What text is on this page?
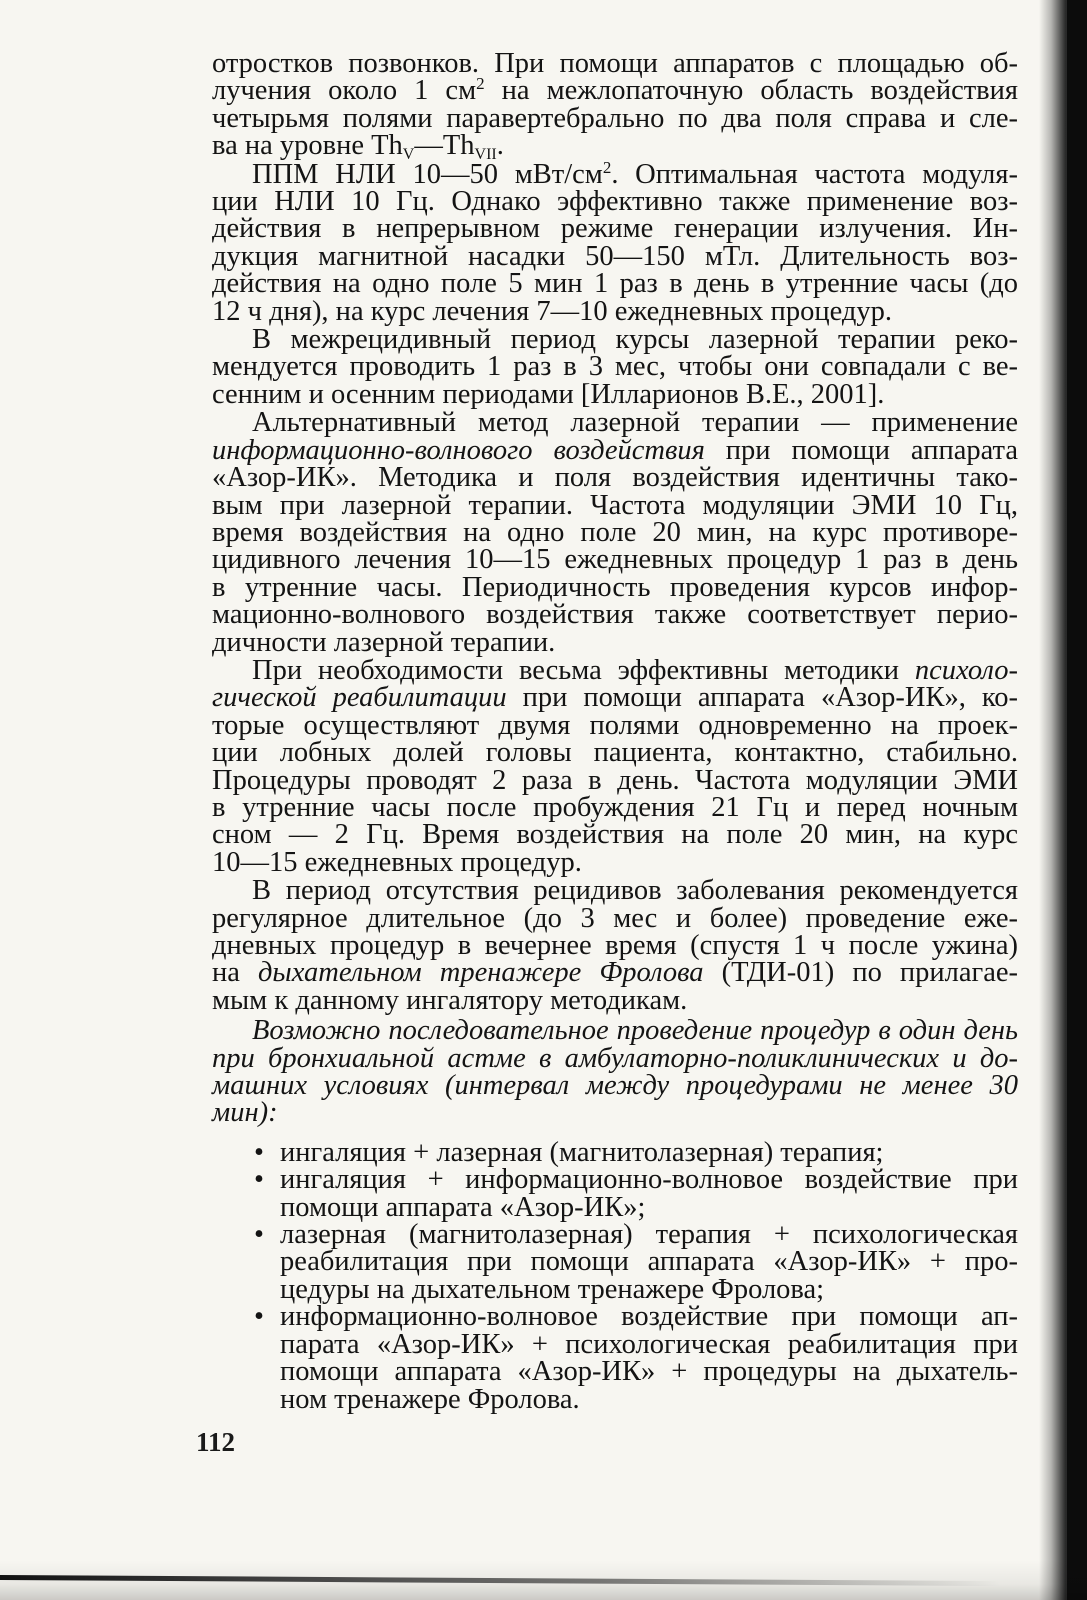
отростков позвонков. При помощи аппаратов с площадью об-
лучения около 1 $см^2$ на межлопаточную область воздействия
четырьмя полями паравертебрально по два поля справа и сле-
ва на уровне $Th_V—Th_{VII}$.

ППМ НЛИ 10—50 мВт/$см^2$. Оптимальная частота модуля-
ции НЛИ 10 Гц. Однако эффективно также применение воз-
действия в непрерывном режиме генерации излучения. Ин-
дукция магнитной насадки 50—150 мТл. Длительность воз-
действия на одно поле 5 мин 1 раз в день в утренние часы (до
12 ч дня), на курс лечения 7—10 ежедневных процедур.

В межрецидивный период курсы лазерной терапии реко-
мендуется проводить 1 раз в 3 мес, чтобы они совпадали с ве-
сенним и осенним периодами [Илларионов В.Е., 2001].

Альтернативный метод лазерной терапии — применение
информационно-волнового воздействия при помощи аппарата
«Азор-ИК». Методика и поля воздействия идентичны тако-
вым при лазерной терапии. Частота модуляции ЭМИ 10 Гц,
время воздействия на одно поле 20 мин, на курс противоре-
цидивного лечения 10—15 ежедневных процедур 1 раз в день
в утренние часы. Периодичность проведения курсов инфор-
мационно-волнового воздействия также соответствует перио-
дичности лазерной терапии.

При необходимости весьма эффективны методики психоло-
гической реабилитации при помощи аппарата «Азор-ИК», ко-
торые осуществляют двумя полями одновременно на проек-
ции лобных долей головы пациента, контактно, стабильно.
Процедуры проводят 2 раза в день. Частота модуляции ЭМИ
в утренние часы после пробуждения 21 Гц и перед ночным
сном — 2 Гц. Время воздействия на поле 20 мин, на курс
10—15 ежедневных процедур.

В период отсутствия рецидивов заболевания рекомендуется
регулярное длительное (до 3 мес и более) проведение еже-
дневных процедур в вечернее время (спустя 1 ч после ужина)
на дыхательном тренажере Фролова (ТДИ-01) по прилагае-
мым к данному ингалятору методикам.

Возможно последовательное проведение процедур в один день
при бронхиальной астме в амбулаторно-поликлинических и до-
машних условиях (интервал между процедурами не менее 30 мин):

• ингаляция + лазерная (магнитолазерная) терапия;
• ингаляция + информационно-волновое воздействие при
помощи аппарата «Азор-ИК»;
• лазерная (магнитолазерная) терапия + психологическая
реабилитация при помощи аппарата «Азор-ИК» + про-
цедуры на дыхательном тренажере Фролова;
• информационно-волновое воздействие при помощи ап-
парата «Азор-ИК» + психологическая реабилитация при
помощи аппарата «Азор-ИК» + процедуры на дыхатель-
ном тренажере Фролова.
112
